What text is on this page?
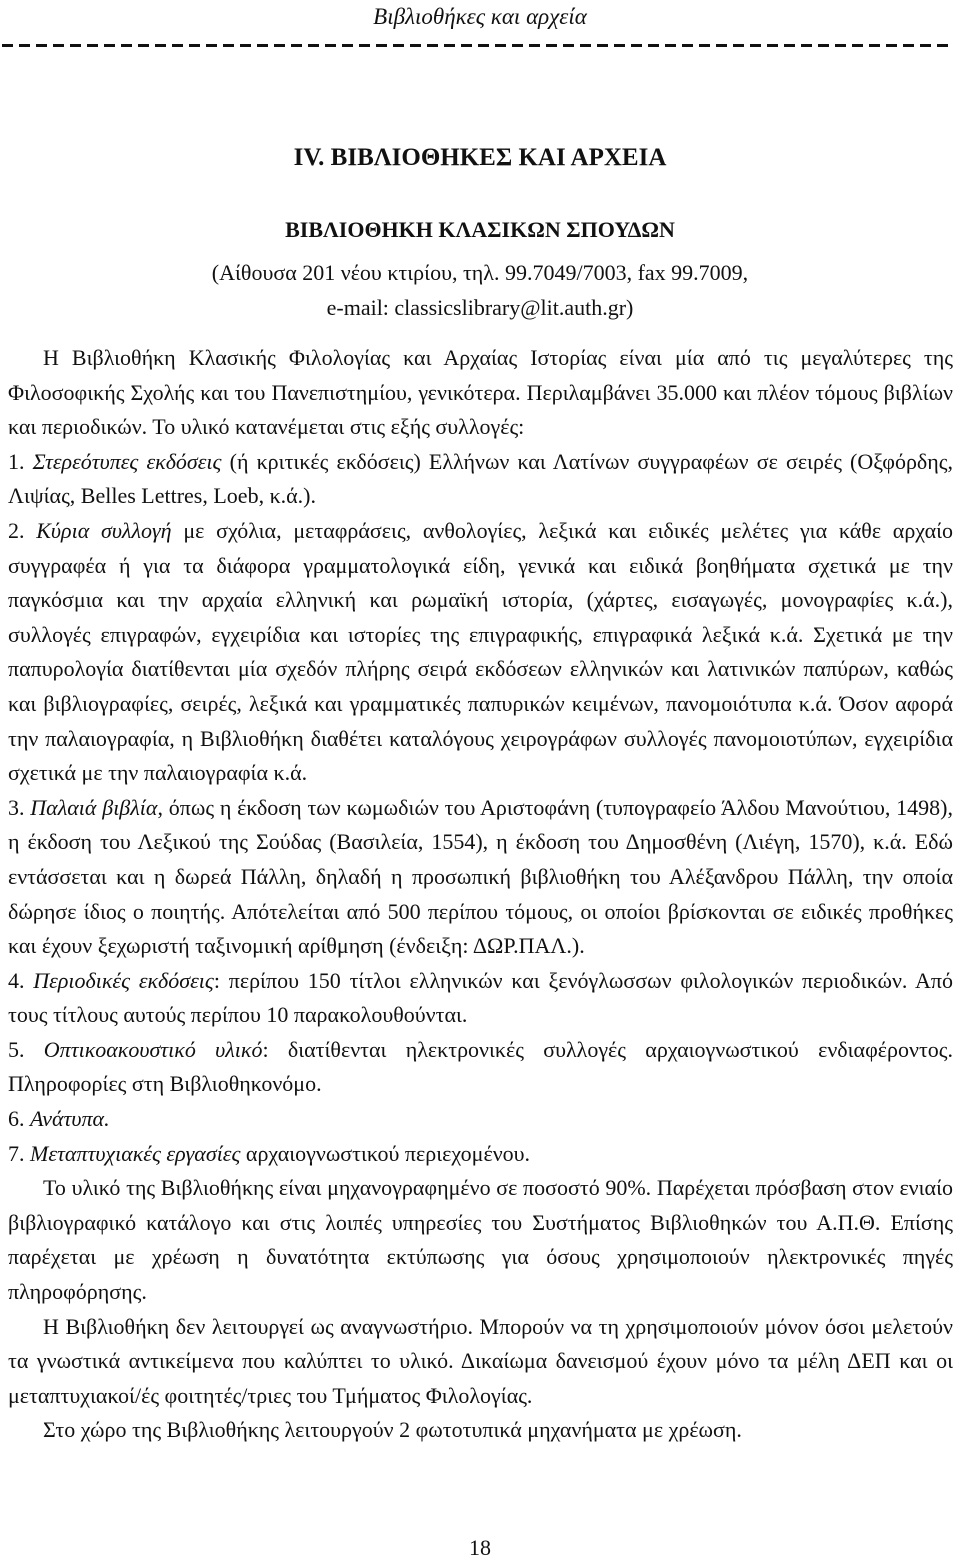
Βιβλιοθήκες και αρχεία
IV. ΒΙΒΛΙΟΘΗΚΕΣ ΚΑΙ ΑΡΧΕΙΑ
ΒΙΒΛΙΟΘΗΚΗ ΚΛΑΣΙΚΩΝ ΣΠΟΥΔΩΝ
(Αίθουσα 201 νέου κτιρίου, τηλ. 99.7049/7003, fax 99.7009,
e-mail: classicslibrary@lit.auth.gr)

Η Βιβλιοθήκη Κλασικής Φιλολογίας και Αρχαίας Ιστορίας είναι μία από τις μεγαλύτερες της Φιλοσοφικής Σχολής και του Πανεπιστημίου, γενικότερα. Περιλαμβάνει 35.000 και πλέον τόμους βιβλίων και περιοδικών. Το υλικό κατανέμεται στις εξής συλλογές:

1. Στερεότυπες εκδόσεις (ή κριτικές εκδόσεις) Ελλήνων και Λατίνων συγγραφέων σε σειρές (Οξφόρδης, Λιψίας, Belles Lettres, Loeb, κ.ά.).

2. Κύρια συλλογή με σχόλια, μεταφράσεις, ανθολογίες, λεξικά και ειδικές μελέτες για κάθε αρχαίο συγγραφέα ή για τα διάφορα γραμματολογικά είδη, γενικά και ειδικά βοηθήματα σχετικά με την παγκόσμια και την αρχαία ελληνική και ρωμαϊκή ιστορία, (χάρτες, εισαγωγές, μονογραφίες κ.ά.), συλλογές επιγραφών, εγχειρίδια και ιστορίες της επιγραφικής, επιγραφικά λεξικά κ.ά. Σχετικά με την παπυρολογία διατίθενται μία σχεδόν πλήρης σειρά εκδόσεων ελληνικών και λατινικών παπύρων, καθώς και βιβλιογραφίες, σειρές, λεξικά και γραμματικές παπυρικών κειμένων, πανομοιότυπα κ.ά. Όσον αφορά την παλαιογραφία, η Βιβλιοθήκη διαθέτει καταλόγους χειρογράφων συλλογές πανομοιοτύπων, εγχειρίδια σχετικά με την παλαιογραφία κ.ά.

3. Παλαιά βιβλία, όπως η έκδοση των κωμωδιών του Αριστοφάνη (τυπογραφείο Άλδου Μανούτιου, 1498), η έκδοση του Λεξικού της Σούδας (Βασιλεία, 1554), η έκδοση του Δημοσθένη (Λιέγη, 1570), κ.ά. Εδώ εντάσσεται και η δωρεά Πάλλη, δηλαδή η προσωπική βιβλιοθήκη του Αλέξανδρου Πάλλη, την οποία δώρησε ίδιος ο ποιητής. Απότελείται από 500 περίπου τόμους, οι οποίοι βρίσκονται σε ειδικές προθήκες και έχουν ξεχωριστή ταξινομική αρίθμηση (ένδειξη: ΔΩΡ.ΠΑΛ.).

4. Περιοδικές εκδόσεις: περίπου 150 τίτλοι ελληνικών και ξενόγλωσσων φιλολογικών περιοδικών. Από τους τίτλους αυτούς περίπου 10 παρακολουθούνται.

5. Οπτικοακουστικό υλικό: διατίθενται ηλεκτρονικές συλλογές αρχαιογνωστικού ενδιαφέροντος. Πληροφορίες στη Βιβλιοθηκονόμο.

6. Ανάτυπα.

7. Μεταπτυχιακές εργασίες αρχαιογνωστικού περιεχομένου.

Το υλικό της Βιβλιοθήκης είναι μηχανογραφημένο σε ποσοστό 90%. Παρέχεται πρόσβαση στον ενιαίο βιβλιογραφικό κατάλογο και στις λοιπές υπηρεσίες του Συστήματος Βιβλιοθηκών του Α.Π.Θ. Επίσης παρέχεται με χρέωση η δυνατότητα εκτύπωσης για όσους χρησιμοποιούν ηλεκτρονικές πηγές πληροφόρησης.

Η Βιβλιοθήκη δεν λειτουργεί ως αναγνωστήριο. Μπορούν να τη χρησιμοποιούν μόνον όσοι μελετούν τα γνωστικά αντικείμενα που καλύπτει το υλικό. Δικαίωμα δανεισμού έχουν μόνο τα μέλη ΔΕΠ και οι μεταπτυχιακοί/ές φοιτητές/τριες του Τμήματος Φιλολογίας.

Στο χώρο της Βιβλιοθήκης λειτουργούν 2 φωτοτυπικά μηχανήματα με χρέωση.

18
